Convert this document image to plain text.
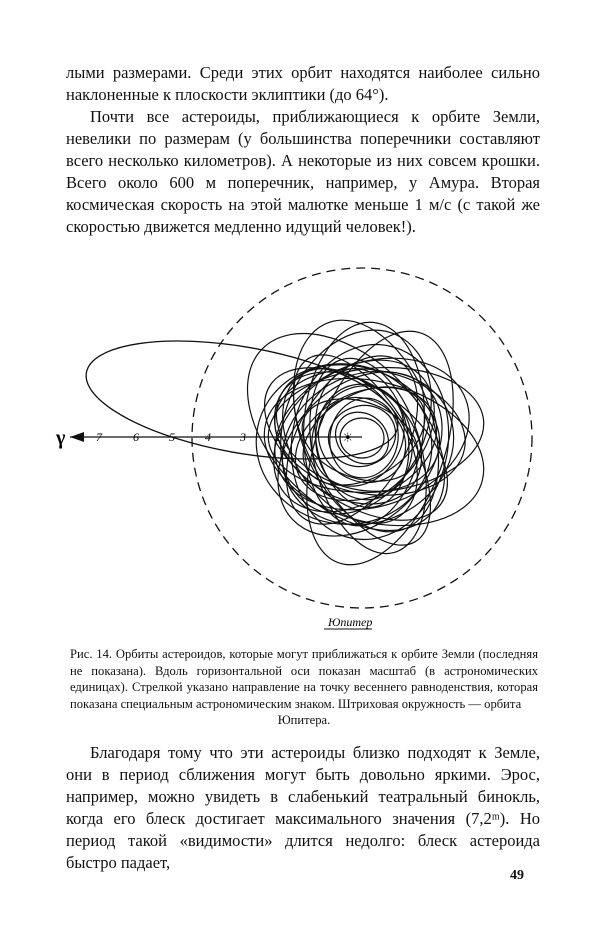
лыми размерами. Среди этих орбит находятся наиболее сильно наклоненные к плоскости эклиптики (до 64°).

Почти все астероиды, приближающиеся к орбите Земли, невелики по размерам (у большинства поперечники составляют всего несколько километров). А некоторые из них совсем крошки. Всего около 600 м поперечник, например, у Амура. Вторая космическая скорость на этой малютке меньше 1 м/с (с такой же скоростью движется медленно идущий человек!).

γ	7	6	5	4 3 2	☀
Юпитер

Рис. 14. Орбиты астероидов, которые могут приближаться к орбите Земли (последняя не показана). Вдоль горизонтальной оси показан масштаб (в астрономических единицах). Стрелкой указано направление на точку весеннего равноденствия, которая показана специальным астрономическим знаком. Штриховая окружность — орбита
Юпитера.

Благодаря тому что эти астероиды близко подходят к Земле, они в период сближения могут быть довольно яркими. Эрос, например, можно увидеть в слабенький театральный бинокль, когда его блеск достигает максимального значения (7,2ᵐ). Но период такой «видимости» длится недолго: блеск астероида быстро падает,

49
